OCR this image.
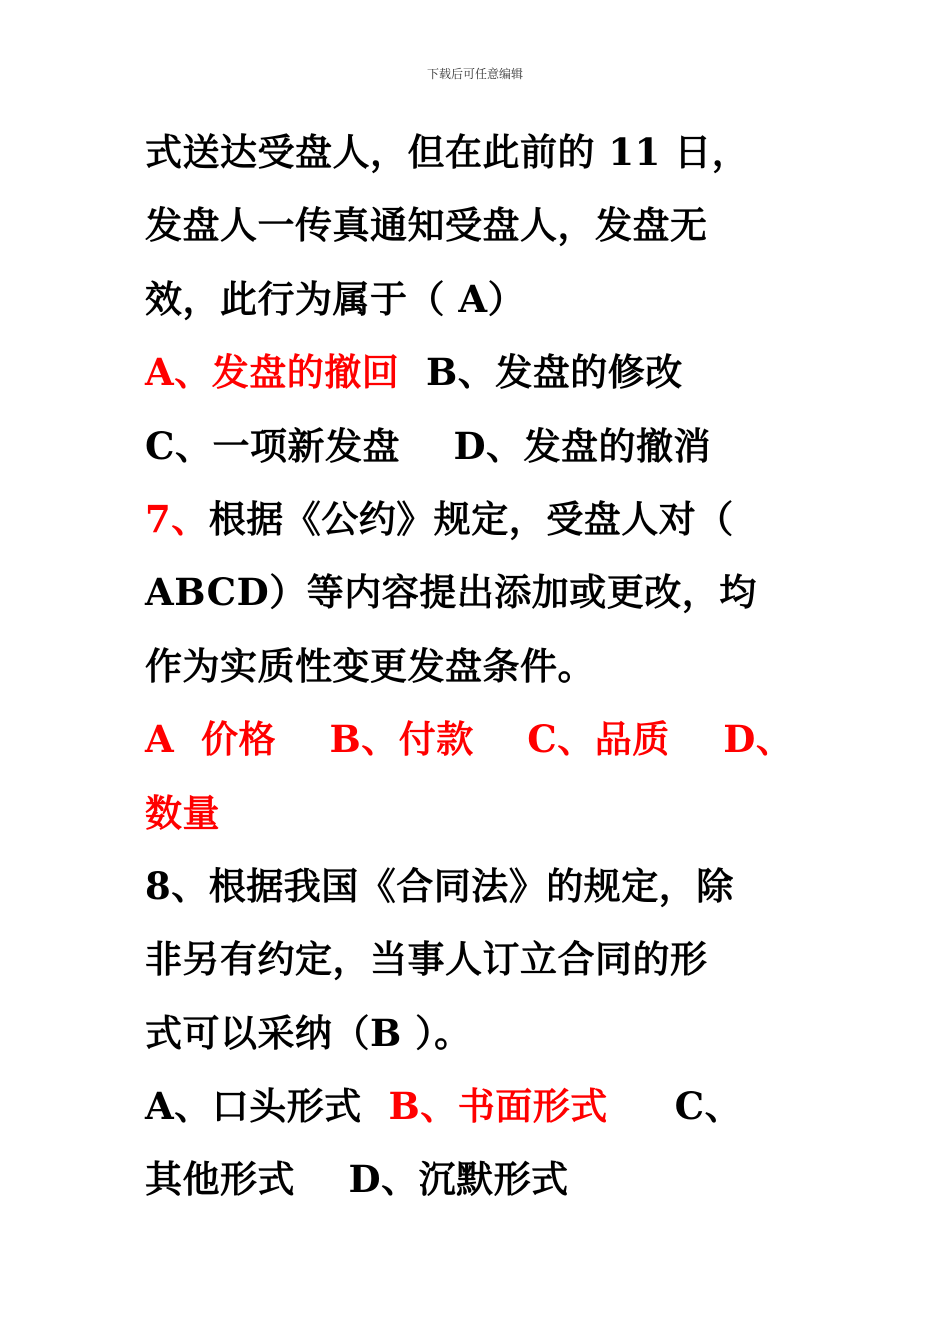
下载后可任意编辑
式送达受盘人，但在此前的 11 日，
发盘人一传真通知受盘人，发盘无
效，此行为属于（ A）
A、发盘的撤回  B、发盘的修改
C、一项新发盘    D、发盘的撤消
7、根据《公约》规定，受盘人对（
ABCD）等内容提出添加或更改，均
作为实质性变更发盘条件。
A  价格    B、付款    C、品质    D、
数量
8、根据我国《合同法》的规定，除
非另有约定，当事人订立合同的形
式可以采纳（B ）。
A、口头形式  B、书面形式     C、
其他形式    D、沉默形式
